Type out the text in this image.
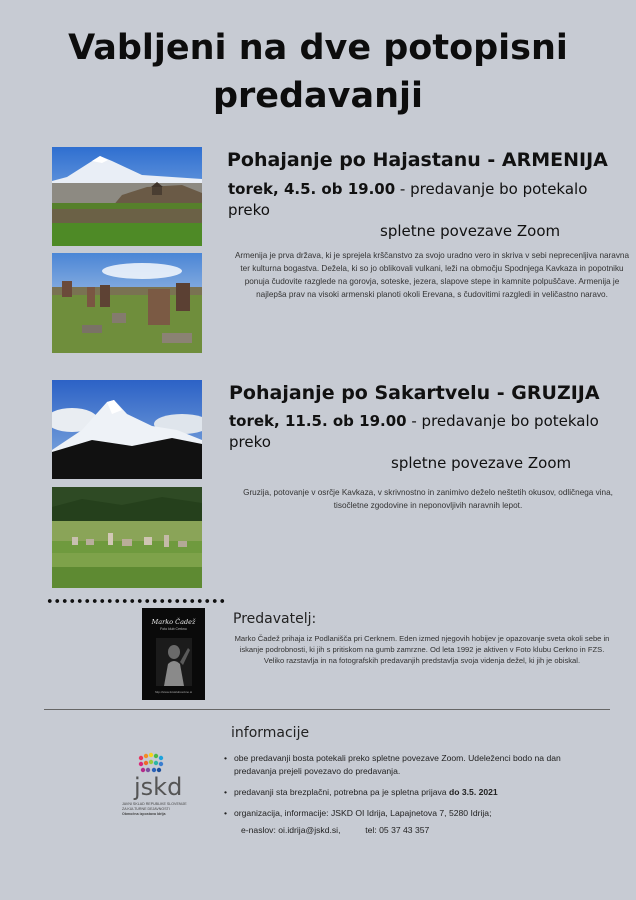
Vabljeni na dve potopisni
predavanji
Pohajanje po Hajastanu - ARMENIJA
torek, 4.5. ob 19.00 - predavanje bo potekalo preko
spletne povezave Zoom
Armenija je prva država, ki je sprejela krščanstvo za svojo uradno vero in skriva v sebi neprecenljiva naravna ter kulturna bogastva. Dežela, ki so jo oblikovali vulkani, leži na območju Spodnjega Kavkaza in popotniku ponuja čudovite razglede na gorovja, soteske, jezera, slapove stepe in kamnite polpuščave. Armenija je najlepša prav na visoki armenski planoti okoli Erevana, s čudovitimi razgledi in veličastno naravo.
Pohajanje po Sakartvelu - GRUZIJA
torek, 11.5. ob 19.00 - predavanje bo potekalo preko
spletne povezave Zoom
Gruzija, potovanje v osrčje Kavkaza, v skrivnostno in zanimivo deželo neštetih okusov, odličnega vina, tisočletne zgodovine in neponovljivih naravnih lepot.
Marko Čadež
Foto klub Cerkno
http://www.fotoklubcerkno.si
Predavatelj:
Marko Čadež prihaja iz Podlanišča pri Cerknem. Eden izmed njegovih hobijev je opazovanje sveta okoli sebe in iskanje podrobnosti, ki jih s pritiskom na gumb zamrzne. Od leta 1992 je aktiven v Foto klubu Cerkno in FZS. Veliko razstavlja in na fotografskih predavanjih predstavlja svoja videnja dežel, ki jih je obiskal.
informacije
• obe predavanji bosta potekali preko spletne povezave Zoom. Udeleženci bodo na dan predavanja prejeli povezavo do predavanja.
• predavanji sta brezplačni, potrebna pa je spletna prijava do 3.5. 2021
• organizacija, informacije: JSKD OI Idrija, Lapajnetova 7, 5280 Idrija;
e-naslov: oi.idrija@jskd.si,	tel: 05 37 43 357
jskd
JAVNI SKLAD REPUBLIKE SLOVENIJE
ZA KULTURNE DEJAVNOSTI
Območna izpostava Idrija
